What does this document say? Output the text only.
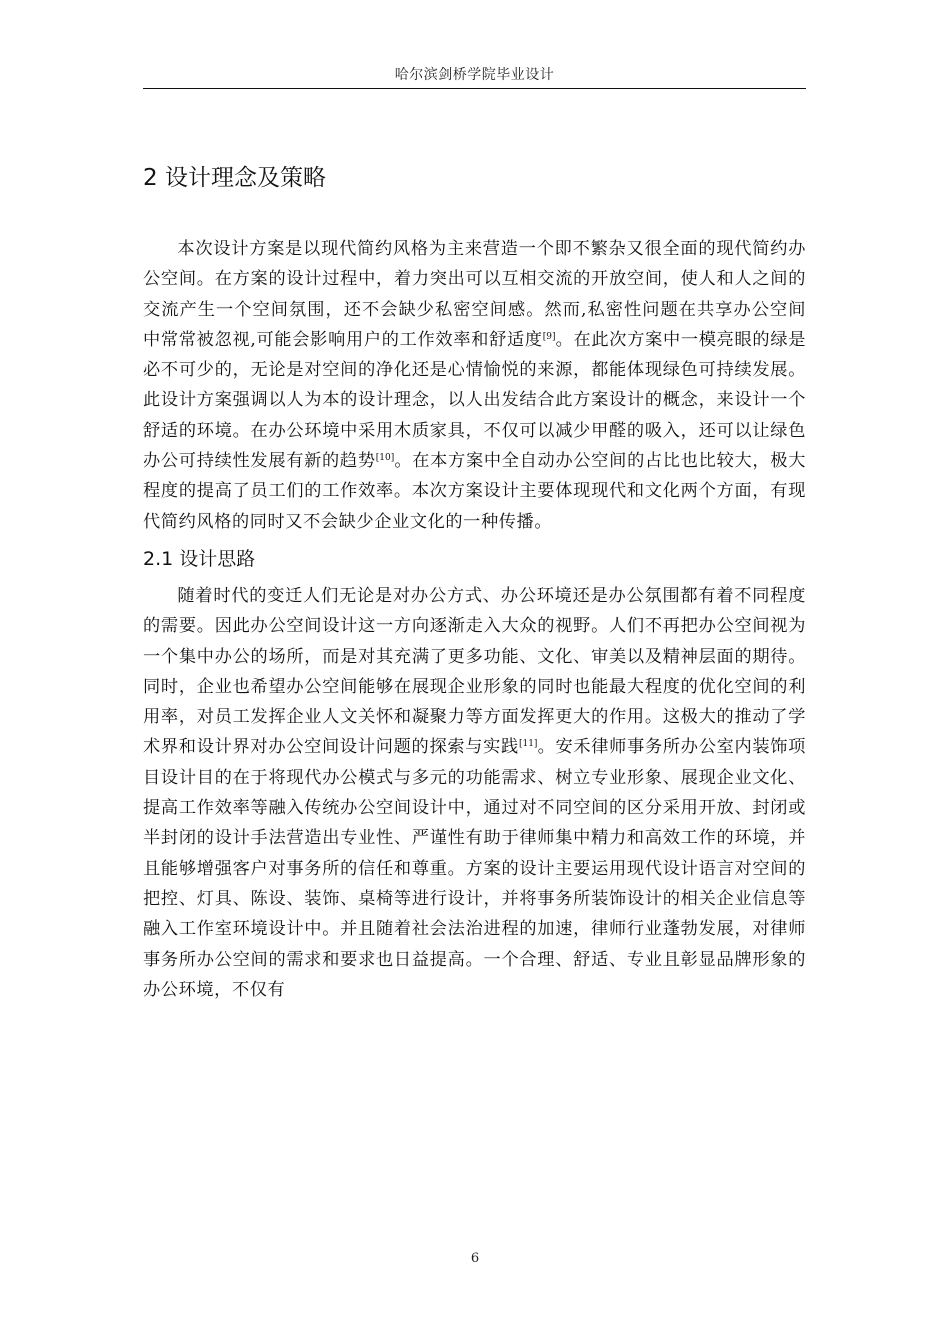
哈尔滨剑桥学院毕业设计
2 设计理念及策略

本次设计方案是以现代简约风格为主来营造一个即不繁杂又很全面的现代简约办公空间。在方案的设计过程中，着力突出可以互相交流的开放空间，使人和人之间的交流产生一个空间氛围，还不会缺少私密空间感。然而,私密性问题在共享办公空间中常常被忽视,可能会影响用户的工作效率和舒适度[9]。在此次方案中一模亮眼的绿是必不可少的，无论是对空间的净化还是心情愉悦的来源，都能体现绿色可持续发展。此设计方案强调以人为本的设计理念，以人出发结合此方案设计的概念，来设计一个舒适的环境。在办公环境中采用木质家具，不仅可以减少甲醛的吸入，还可以让绿色办公可持续性发展有新的趋势[10]。在本方案中全自动办公空间的占比也比较大，极大程度的提高了员工们的工作效率。本次方案设计主要体现现代和文化两个方面，有现代简约风格的同时又不会缺少企业文化的一种传播。

2.1 设计思路

随着时代的变迁人们无论是对办公方式、办公环境还是办公氛围都有着不同程度的需要。因此办公空间设计这一方向逐渐走入大众的视野。人们不再把办公空间视为一个集中办公的场所，而是对其充满了更多功能、文化、审美以及精神层面的期待。同时，企业也希望办公空间能够在展现企业形象的同时也能最大程度的优化空间的利用率，对员工发挥企业人文关怀和凝聚力等方面发挥更大的作用。这极大的推动了学术界和设计界对办公空间设计问题的探索与实践[11]。安禾律师事务所办公室内装饰项目设计目的在于将现代办公模式与多元的功能需求、树立专业形象、展现企业文化、提高工作效率等融入传统办公空间设计中，通过对不同空间的区分采用开放、封闭或半封闭的设计手法营造出专业性、严谨性有助于律师集中精力和高效工作的环境，并且能够增强客户对事务所的信任和尊重。方案的设计主要运用现代设计语言对空间的把控、灯具、陈设、装饰、桌椅等进行设计，并将事务所装饰设计的相关企业信息等融入工作室环境设计中。并且随着社会法治进程的加速，律师行业蓬勃发展，对律师事务所办公空间的需求和要求也日益提高。一个合理、舒适、专业且彰显品牌形象的办公环境，不仅有

6
